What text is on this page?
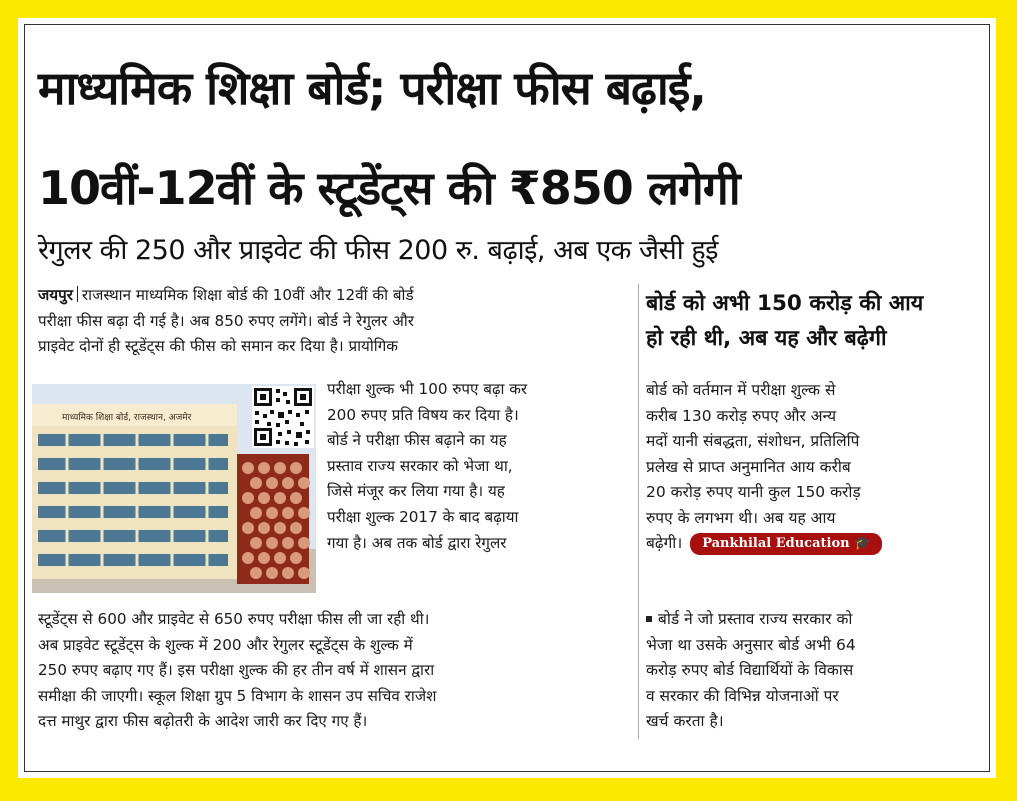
माध्यमिक शिक्षा बोर्ड; परीक्षा फीस बढ़ाई,
10वीं-12वीं के स्टूडेंट्स की ₹850 लगेगी
रेगुलर की 250 और प्राइवेट की फीस 200 रु. बढ़ाई, अब एक जैसी हुई
जयपुर राजस्थान माध्यमिक शिक्षा बोर्ड की 10वीं और 12वीं की बोर्ड
परीक्षा फीस बढ़ा दी गई है। अब 850 रुपए लगेंगे। बोर्ड ने रेगुलर और
प्राइवेट दोनों ही स्टूडेंट्स की फीस को समान कर दिया है। प्रायोगिक
माध्यमिक शिक्षा बोर्ड, राजस्थान, अजमेर
परीक्षा शुल्क भी 100 रुपए बढ़ा कर
200 रुपए प्रति विषय कर दिया है।
बोर्ड ने परीक्षा फीस बढ़ाने का यह
प्रस्ताव राज्य सरकार को भेजा था,
जिसे मंजूर कर लिया गया है। यह
परीक्षा शुल्क 2017 के बाद बढ़ाया
गया है। अब तक बोर्ड द्वारा रेगुलर
स्टूडेंट्स से 600 और प्राइवेट से 650 रुपए परीक्षा फीस ली जा रही थी।
अब प्राइवेट स्टूडेंट्स के शुल्क में 200 और रेगुलर स्टूडेंट्स के शुल्क में
250 रुपए बढ़ाए गए हैं। इस परीक्षा शुल्क की हर तीन वर्ष में शासन द्वारा
समीक्षा की जाएगी। स्कूल शिक्षा ग्रुप 5 विभाग के शासन उप सचिव राजेश
दत्त माथुर द्वारा फीस बढ़ोतरी के आदेश जारी कर दिए गए हैं।
बोर्ड को अभी 150 करोड़ की आय
हो रही थी, अब यह और बढ़ेगी
बोर्ड को वर्तमान में परीक्षा शुल्क से
करीब 130 करोड़ रुपए और अन्य
मदों यानी संबद्धता, संशोधन, प्रतिलिपि
प्रलेख से प्राप्त अनुमानित आय करीब
20 करोड़ रुपए यानी कुल 150 करोड़
रुपए के लगभग थी। अब यह आय
बढ़ेगी। Pankhilal Education 🎓
बोर्ड ने जो प्रस्ताव राज्य सरकार को
भेजा था उसके अनुसार बोर्ड अभी 64
करोड़ रुपए बोर्ड विद्यार्थियों के विकास
व सरकार की विभिन्न योजनाओं पर
खर्च करता है।
